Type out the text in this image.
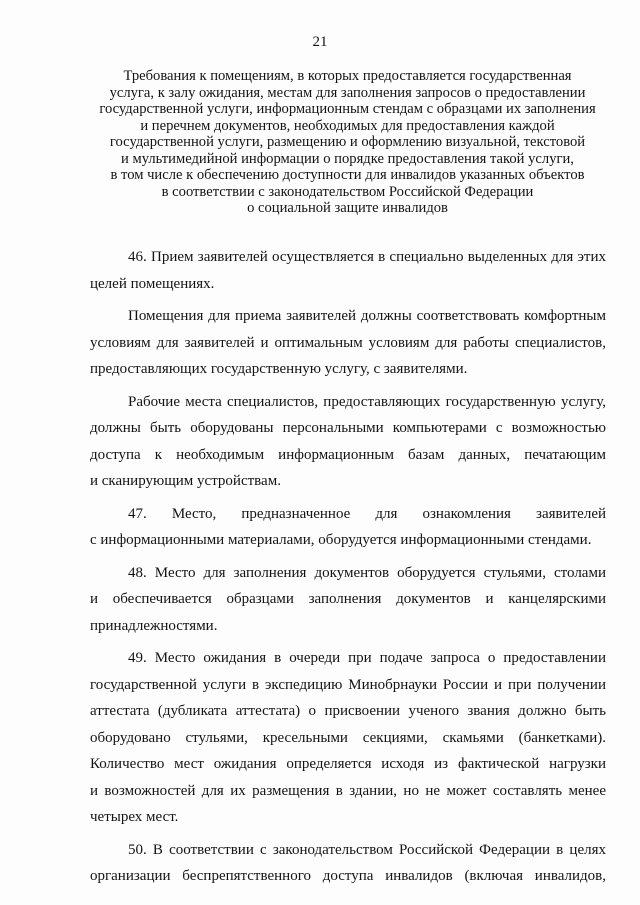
21
Требования к помещениям, в которых предоставляется государственная
услуга, к залу ожидания, местам для заполнения запросов о предоставлении
государственной услуги, информационным стендам с образцами их заполнения
и перечнем документов, необходимых для предоставления каждой
государственной услуги, размещению и оформлению визуальной, текстовой
и мультимедийной информации о порядке предоставления такой услуги,
в том числе к обеспечению доступности для инвалидов указанных объектов
в соответствии с законодательством Российской Федерации
о социальной защите инвалидов
46. Прием заявителей осуществляется в специально выделенных для этих
целей помещениях.
Помещения для приема заявителей должны соответствовать комфортным
условиям для заявителей и оптимальным условиям для работы специалистов,
предоставляющих государственную услугу, с заявителями.
Рабочие места специалистов, предоставляющих государственную услугу,
должны быть оборудованы персональными компьютерами с возможностью
доступа к необходимым информационным базам данных, печатающим
и сканирующим устройствам.
47. Место, предназначенное для ознакомления заявителей
с информационными материалами, оборудуется информационными стендами.
48. Место для заполнения документов оборудуется стульями, столами
и обеспечивается образцами заполнения документов и канцелярскими
принадлежностями.
49. Место ожидания в очереди при подаче запроса о предоставлении
государственной услуги в экспедицию Минобрнауки России и при получении
аттестата (дубликата аттестата) о присвоении ученого звания должно быть
оборудовано стульями, кресельными секциями, скамьями (банкетками).
Количество мест ожидания определяется исходя из фактической нагрузки
и возможностей для их размещения в здании, но не может составлять менее
четырех мест.
50. В соответствии с законодательством Российской Федерации в целях
организации беспрепятственного доступа инвалидов (включая инвалидов,
